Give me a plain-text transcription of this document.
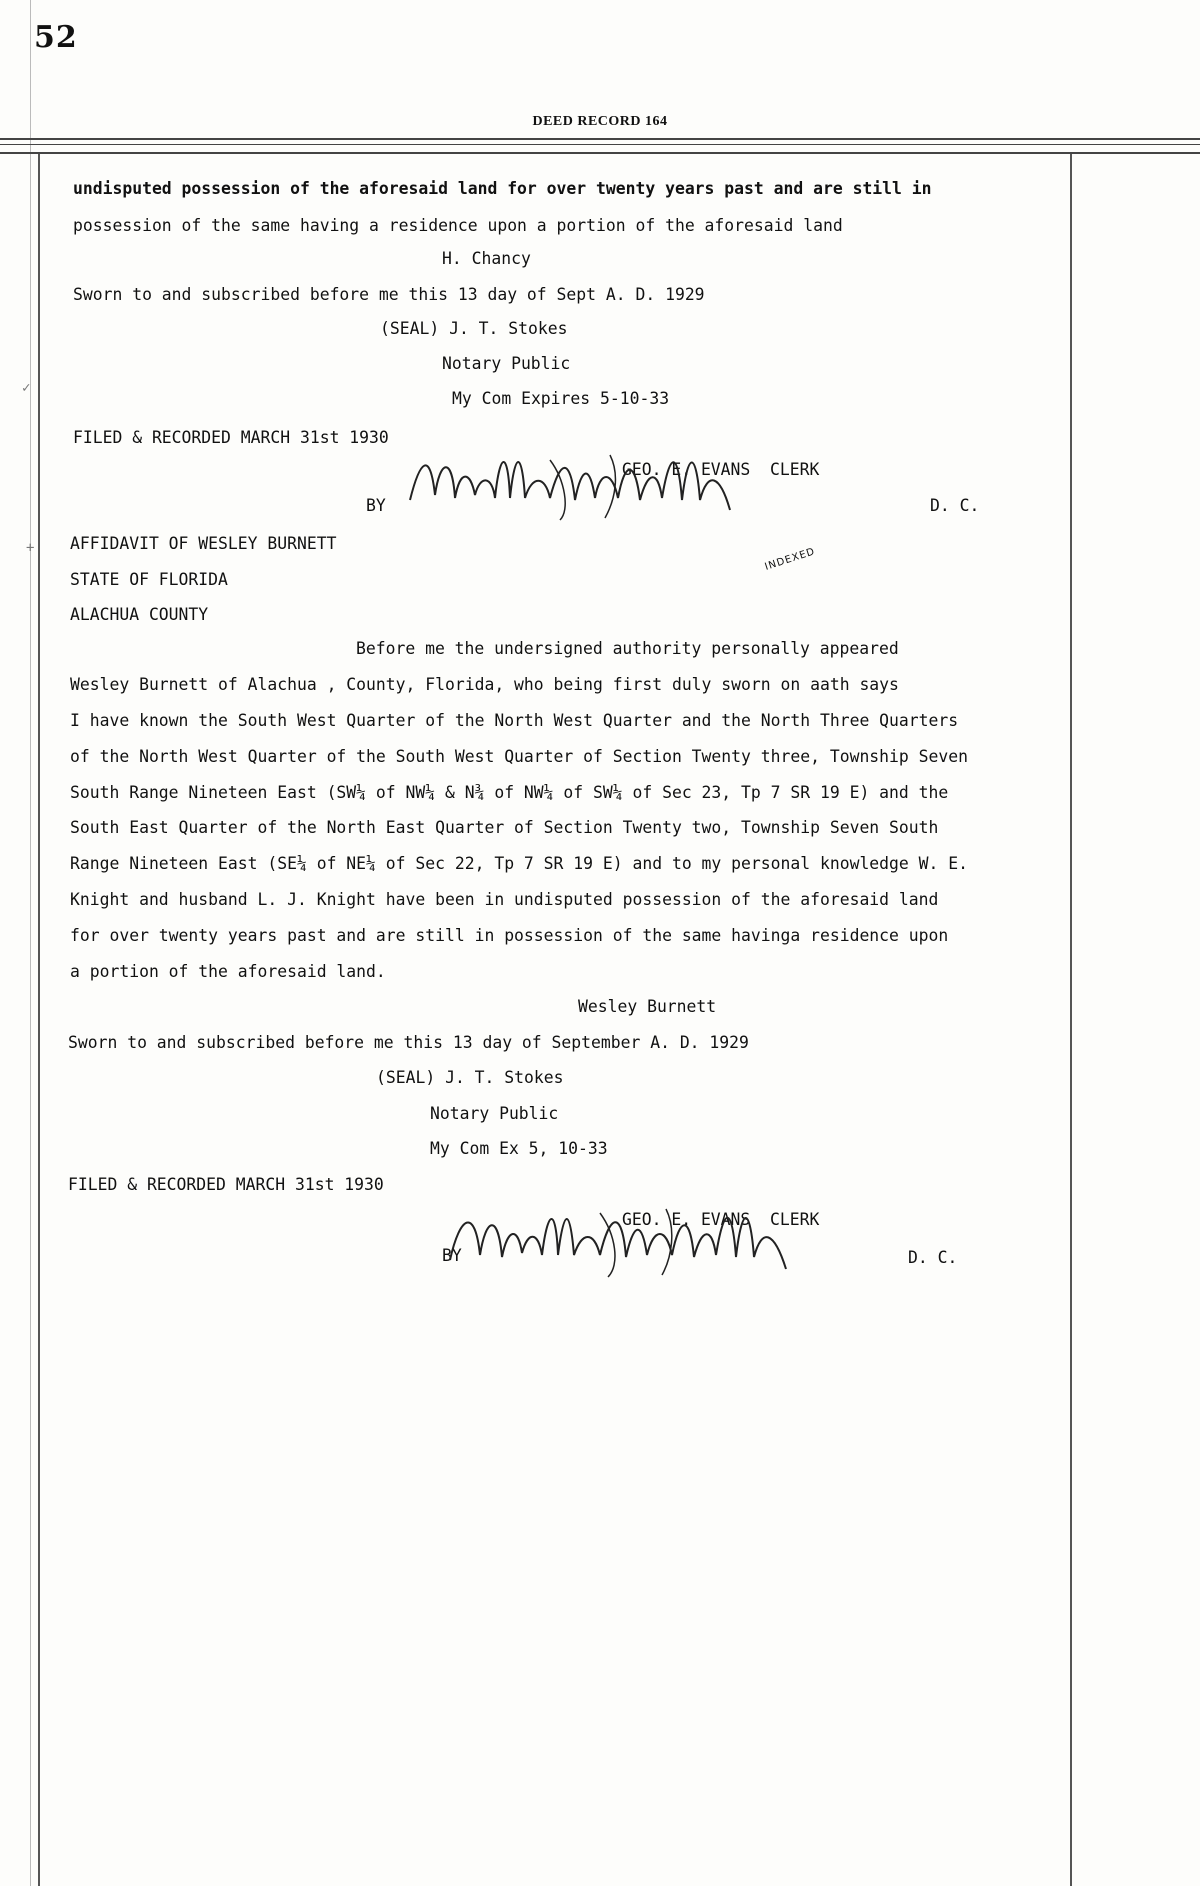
52
DEED RECORD 164
undisputed possession of the aforesaid land for over twenty years past and are still in
possession of the same having a residence upon a portion of the aforesaid land
H. Chancy
Sworn to and subscribed before me this 13 day of Sept A. D. 1929
(SEAL) J. T. Stokes
Notary Public
My Com Expires 5-10-33
FILED & RECORDED MARCH 31st 1930
GEO. E. EVANS  CLERK
BY	D. C.
INDEXED
AFFIDAVIT OF WESLEY BURNETT
STATE OF FLORIDA
ALACHUA COUNTY
Before me the undersigned authority personally appeared
Wesley Burnett of Alachua , County, Florida, who being first duly sworn on aath says
I have known the South West Quarter of the North West Quarter and the North Three Quarters
of the North West Quarter of the South West Quarter of Section Twenty three, Township Seven
South Range Nineteen East (SW¼ of NW¼ & N¾ of NW¼ of SW¼ of Sec 23, Tp 7 SR 19 E) and the
South East Quarter of the North East Quarter of Section Twenty two, Township Seven South
Range Nineteen East (SE¼ of NE¼ of Sec 22, Tp 7 SR 19 E) and to my personal knowledge W. E.
Knight and husband L. J. Knight have been in undisputed possession of the aforesaid land
for over twenty years past and are still in possession of the same havinga residence upon
a portion of the aforesaid land.
Wesley Burnett
Sworn to and subscribed before me this 13 day of September A. D. 1929
(SEAL) J. T. Stokes
Notary Public
My Com Ex 5, 10-33
FILED & RECORDED MARCH 31st 1930
GEO. E. EVANS  CLERK
BY	D. C.
✓
+
